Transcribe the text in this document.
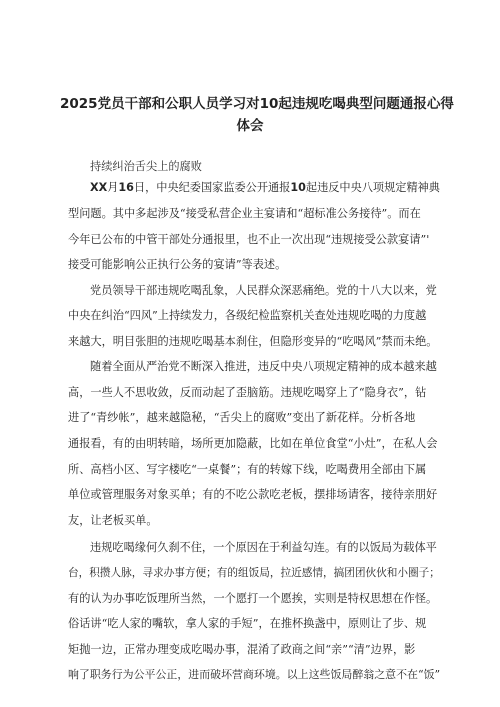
2025党员干部和公职人员学习对10起违规吃喝典型问题通报心得
体会
持续纠治舌尖上的腐败
XX月16日，中央纪委国家监委公开通报10起违反中央八项规定精神典
型问题。其中多起涉及“接受私营企业主宴请和“超标准公务接待”。而在
今年已公布的中管干部处分通报里，也不止一次出现“违规接受公款宴请”'
接受可能影响公正执行公务的宴请”等表述。
党员领导干部违规吃喝乱象，人民群众深恶痛绝。党的十八大以来，党
中央在纠治“四风”上持续发力，各级纪检监察机关查处违规吃喝的力度越
来越大，明目张胆的违规吃喝基本刹住，但隐形变异的“吃喝风”禁而未绝。
随着全面从严治党不断深入推进，违反中央八项规定精神的成本越来越
高，一些人不思收敛，反而动起了歪脑筋。违规吃喝穿上了“隐身衣”，钻
进了“青纱帐”，越来越隐秘，“舌尖上的腐败”变出了新花样。分析各地
通报看，有的由明转暗，场所更加隐蔽，比如在单位食堂“小灶”，在私人会
所、高档小区、写字楼吃“一桌餐”；有的转嫁下线，吃喝费用全部由下属
单位或管理服务对象买单；有的不吃公款吃老板，摆排场请客，接待亲朋好
友，让老板买单。
违规吃喝缘何久刹不住，一个原因在于利益勾连。有的以饭局为载体平
台，积攒人脉，寻求办事方便；有的组饭局，拉近感情，搞团团伙伙和小圈子；
有的认为办事吃饭理所当然，一个愿打一个愿挨，实则是特权思想在作怪。
俗话讲“吃人家的嘴软，拿人家的手短”，在推杯换盏中，原则让了步、规
矩抛一边，正常办理变成吃喝办事，混淆了政商之间“亲”“清”边界，影
响了职务行为公平公正，进而破坏营商环境。以上这些饭局醉翁之意不在“饭”
